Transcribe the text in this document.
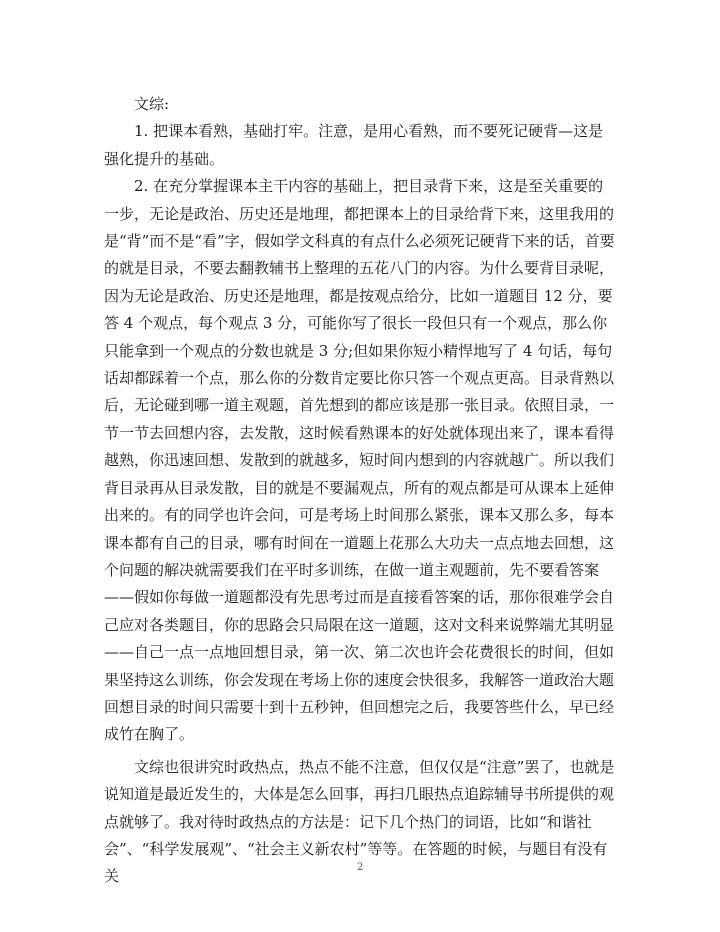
文综:

1. 把课本看熟，基础打牢。注意，是用心看熟，而不要死记硬背—这是强化提升的基础。

2. 在充分掌握课本主干内容的基础上，把目录背下来，这是至关重要的一步，无论是政治、历史还是地理，都把课本上的目录给背下来，这里我用的是“背”而不是“看”字，假如学文科真的有点什么必须死记硬背下来的话，首要的就是目录，不要去翻教辅书上整理的五花八门的内容。为什么要背目录呢，因为无论是政治、历史还是地理，都是按观点给分，比如一道题目 12 分，要答 4 个观点，每个观点 3 分，可能你写了很长一段但只有一个观点，那么你只能拿到一个观点的分数也就是 3 分;但如果你短小精悍地写了 4 句话，每句话却都踩着一个点，那么你的分数肯定要比你只答一个观点更高。目录背熟以后，无论碰到哪一道主观题，首先想到的都应该是那一张目录。依照目录，一节一节去回想内容，去发散，这时候看熟课本的好处就体现出来了，课本看得越熟，你迅速回想、发散到的就越多，短时间内想到的内容就越广。所以我们背目录再从目录发散，目的就是不要漏观点，所有的观点都是可从课本上延伸出来的。有的同学也许会问，可是考场上时间那么紧张，课本又那么多，每本课本都有自己的目录，哪有时间在一道题上花那么大功夫一点点地去回想，这个问题的解决就需要我们在平时多训练，在做一道主观题前，先不要看答案——假如你每做一道题都没有先思考过而是直接看答案的话，那你很难学会自己应对各类题目，你的思路会只局限在这一道题，这对文科来说弊端尤其明显——自己一点一点地回想目录，第一次、第二次也许会花费很长的时间，但如果坚持这么训练，你会发现在考场上你的速度会快很多，我解答一道政治大题回想目录的时间只需要十到十五秒钟，但回想完之后，我要答些什么，早已经成竹在胸了。

文综也很讲究时政热点，热点不能不注意，但仅仅是“注意”罢了，也就是说知道是最近发生的，大体是怎么回事，再扫几眼热点追踪辅导书所提供的观点就够了。我对待时政热点的方法是：记下几个热门的词语，比如“和谐社会”、“科学发展观”、“社会主义新农村”等等。在答题的时候，与题目有没有关	2
